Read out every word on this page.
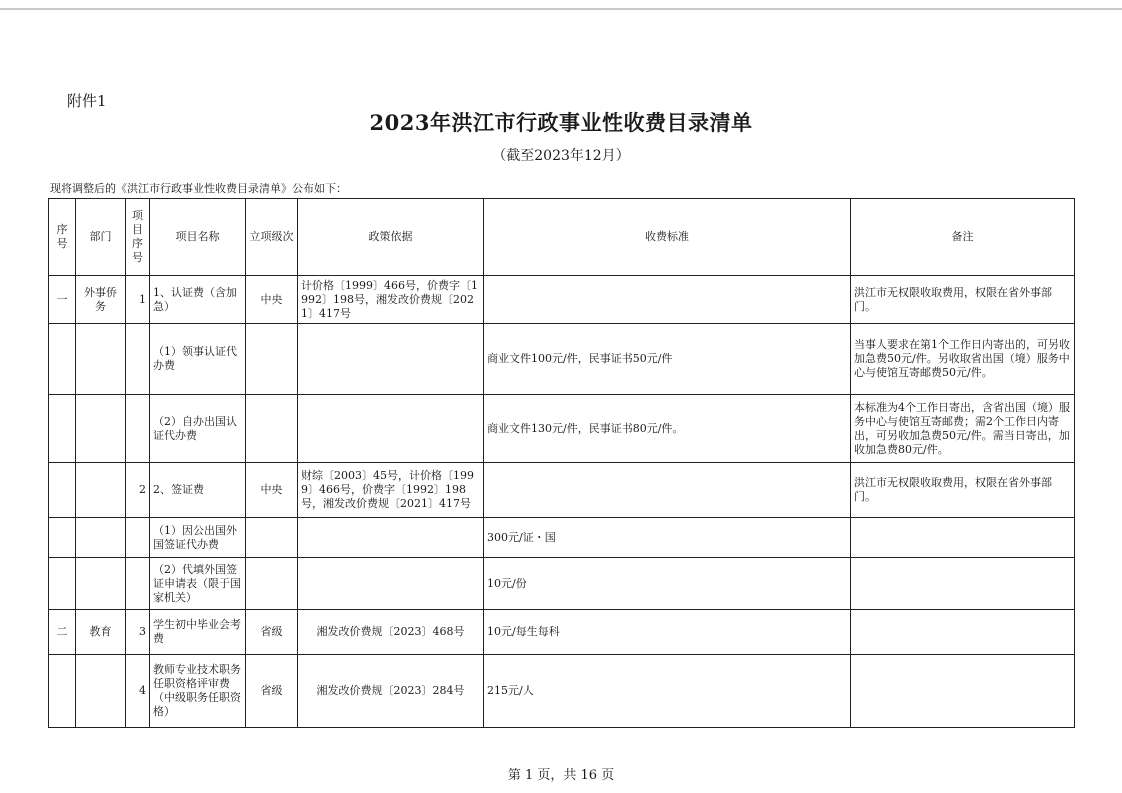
附件1
2023年洪江市行政事业性收费目录清单
（截至2023年12月）
现将调整后的《洪江市行政事业性收费目录清单》公布如下：
序号	部门	项目序号	项目名称	立项级次	政策依据	收费标准	备注
一	外事侨务	1	1、认证费（含加急）	中央	计价格〔1999〕466号，价费字〔1992〕198号，湘发改价费规〔2021〕417号		洪江市无权限收取费用，权限在省外事部门。
			（1）领事认证代办费			商业文件100元/件，民事证书50元/件	当事人要求在第1个工作日内寄出的，可另收加急费50元/件。另收取省出国（境）服务中心与使馆互寄邮费50元/件。
			（2）自办出国认证代办费			商业文件130元/件，民事证书80元/件。	本标准为4个工作日寄出，含省出国（境）服务中心与使馆互寄邮费；需2个工作日内寄出，可另收加急费50元/件。需当日寄出，加收加急费80元/件。
		2	2、签证费	中央	财综〔2003〕45号，计价格〔1999〕466号，价费字〔1992〕198号，湘发改价费规〔2021〕417号		洪江市无权限收取费用，权限在省外事部门。
			（1）因公出国外国签证代办费			300元/证・国	
			（2）代填外国签证申请表（限于国家机关）			10元/份	
二	教育	3	学生初中毕业会考费	省级	湘发改价费规〔2023〕468号	10元/每生每科	
		4	教师专业技术职务任职资格评审费（中级职务任职资格）	省级	湘发改价费规〔2023〕284号	215元/人	
第 1 页，共 16 页
